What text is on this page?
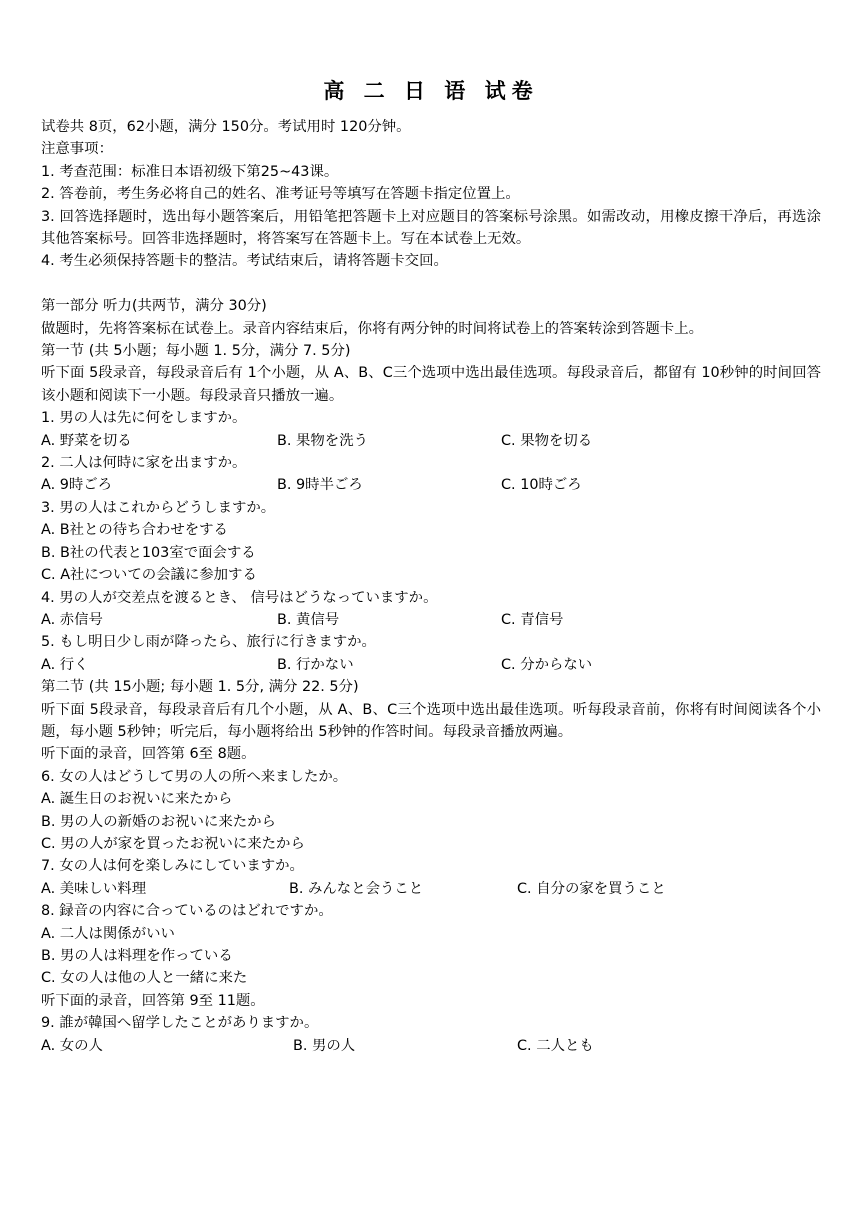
高 二 日 语 试卷
试卷共 8页，62小题，满分 150分。考试用时 120分钟。
注意事项：
1. 考查范围：标准日本语初级下第25~43课。
2. 答卷前，考生务必将自己的姓名、准考证号等填写在答题卡指定位置上。
3. 回答选择题时，选出每小题答案后，用铅笔把答题卡上对应题目的答案标号涂黑。如需改动，用橡皮擦干净后，再选涂其他答案标号。回答非选择题时，将答案写在答题卡上。写在本试卷上无效。
4. 考生必须保持答题卡的整洁。考试结束后，请将答题卡交回。
第一部分 听力(共两节，满分 30分)
做题时，先将答案标在试卷上。录音内容结束后，你将有两分钟的时间将试卷上的答案转涂到答题卡上。
第一节 (共 5小题；每小题 1. 5分，满分 7. 5分)
听下面 5段录音，每段录音后有 1个小题，从 A、B、C三个选项中选出最佳选项。每段录音后，都留有 10秒钟的时间回答该小题和阅读下一小题。每段录音只播放一遍。
1. 男の人は先に何をしますか。
A. 野菜を切る	B. 果物を洗う	C. 果物を切る
2. 二人は何時に家を出ますか。
A. 9時ごろ	B. 9時半ごろ	C. 10時ごろ
3. 男の人はこれからどうしますか。
A. B社との待ち合わせをする
B. B社の代表と103室で面会する
C. A社についての会議に参加する
4. 男の人が交差点を渡るとき、 信号はどうなっていますか。
A. 赤信号	B. 黄信号	C. 青信号
5. もし明日少し雨が降ったら、旅行に行きますか。
A. 行く	B. 行かない	C. 分からない
第二节 (共 15小题; 每小题 1. 5分, 满分 22. 5分)
听下面 5段录音，每段录音后有几个小题，从 A、B、C三个选项中选出最佳选项。听每段录音前，你将有时间阅读各个小题，每小题 5秒钟；听完后，每小题将给出 5秒钟的作答时间。每段录音播放两遍。
听下面的录音，回答第 6至 8题。
6. 女の人はどうして男の人の所へ来ましたか。
A. 誕生日のお祝いに来たから
B. 男の人の新婚のお祝いに来たから
C. 男の人が家を買ったお祝いに来たから
7. 女の人は何を楽しみにしていますか。
A. 美味しい料理	B. みんなと会うこと	C. 自分の家を買うこと
8. 録音の内容に合っているのはどれですか。
A. 二人は関係がいい
B. 男の人は料理を作っている
C. 女の人は他の人と一緒に来た
听下面的录音，回答第 9至 11题。
9. 誰が韓国へ留学したことがありますか。
A. 女の人	B. 男の人	C. 二人とも
